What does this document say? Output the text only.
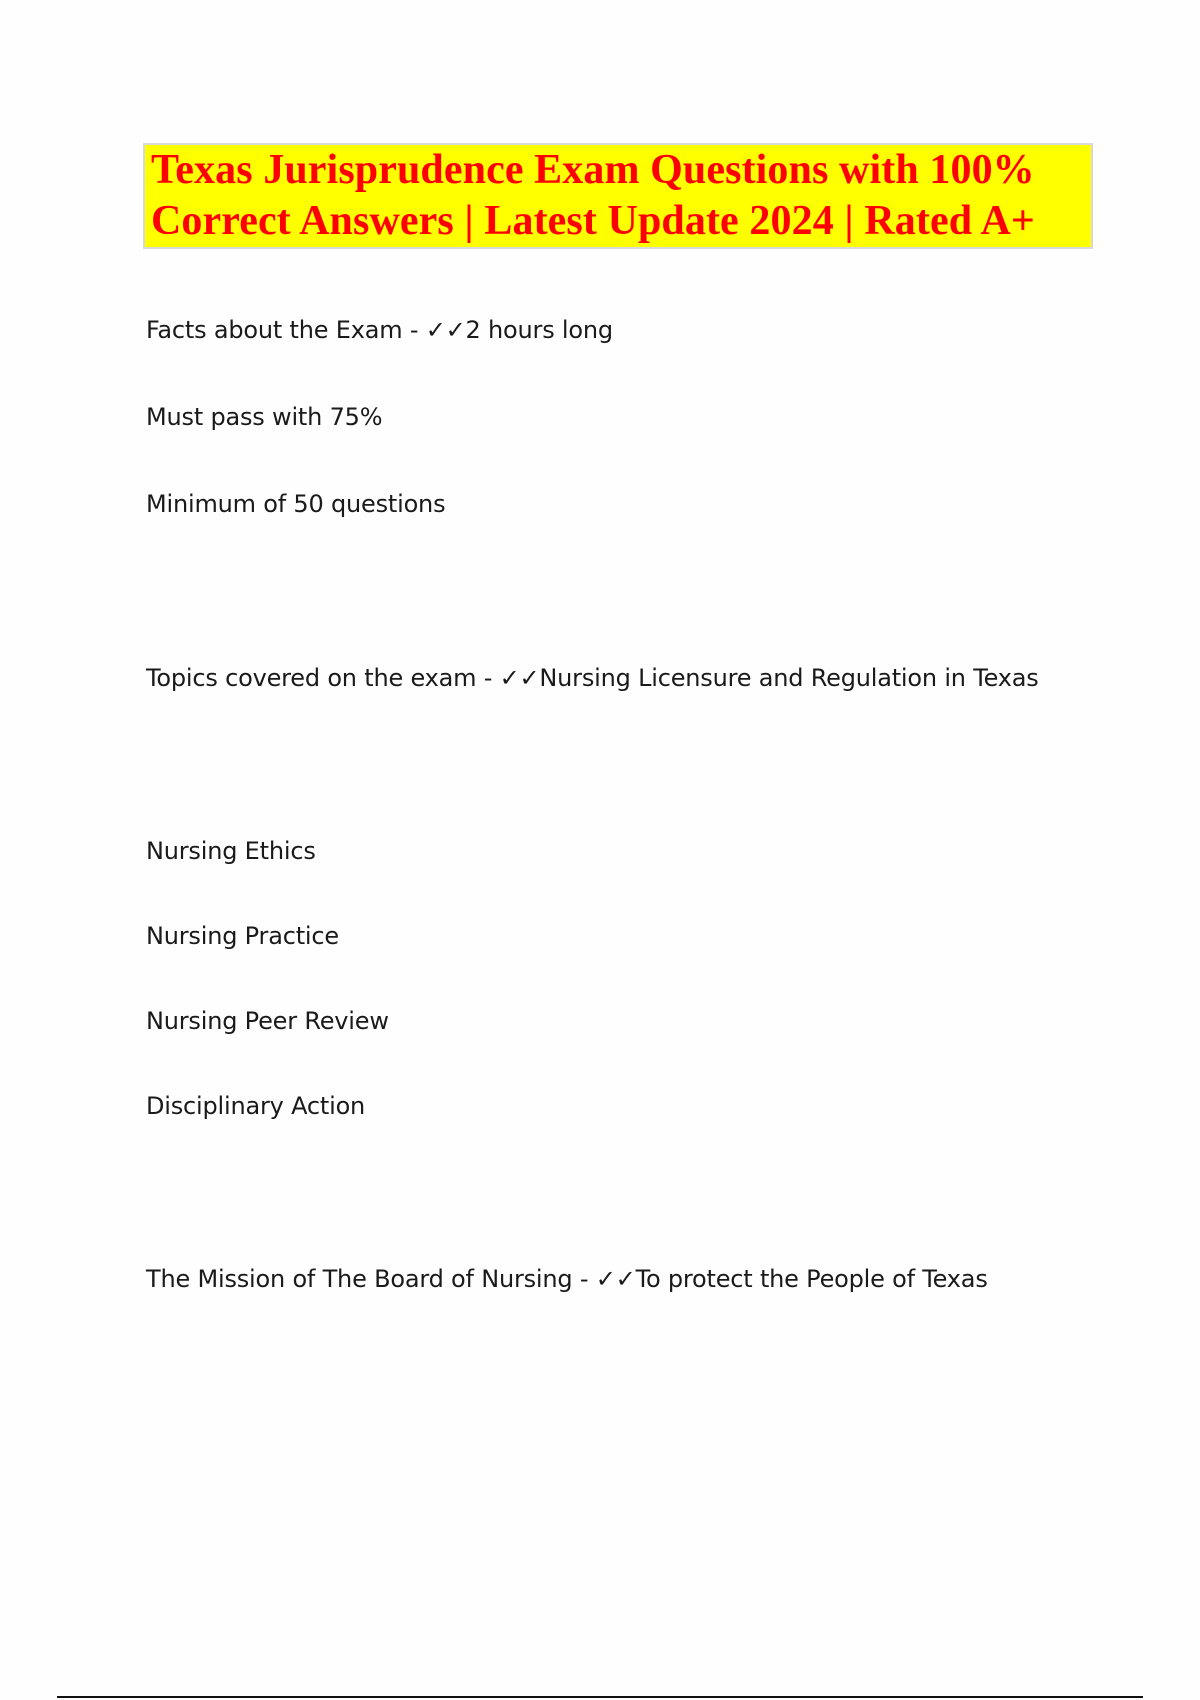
Texas Jurisprudence Exam Questions with 100%
Correct Answers | Latest Update 2024 | Rated A+
Facts about the Exam - ✓✓2 hours long
Must pass with 75%
Minimum of 50 questions
Topics covered on the exam - ✓✓Nursing Licensure and Regulation in Texas
Nursing Ethics
Nursing Practice
Nursing Peer Review
Disciplinary Action
The Mission of The Board of Nursing - ✓✓To protect the People of Texas
